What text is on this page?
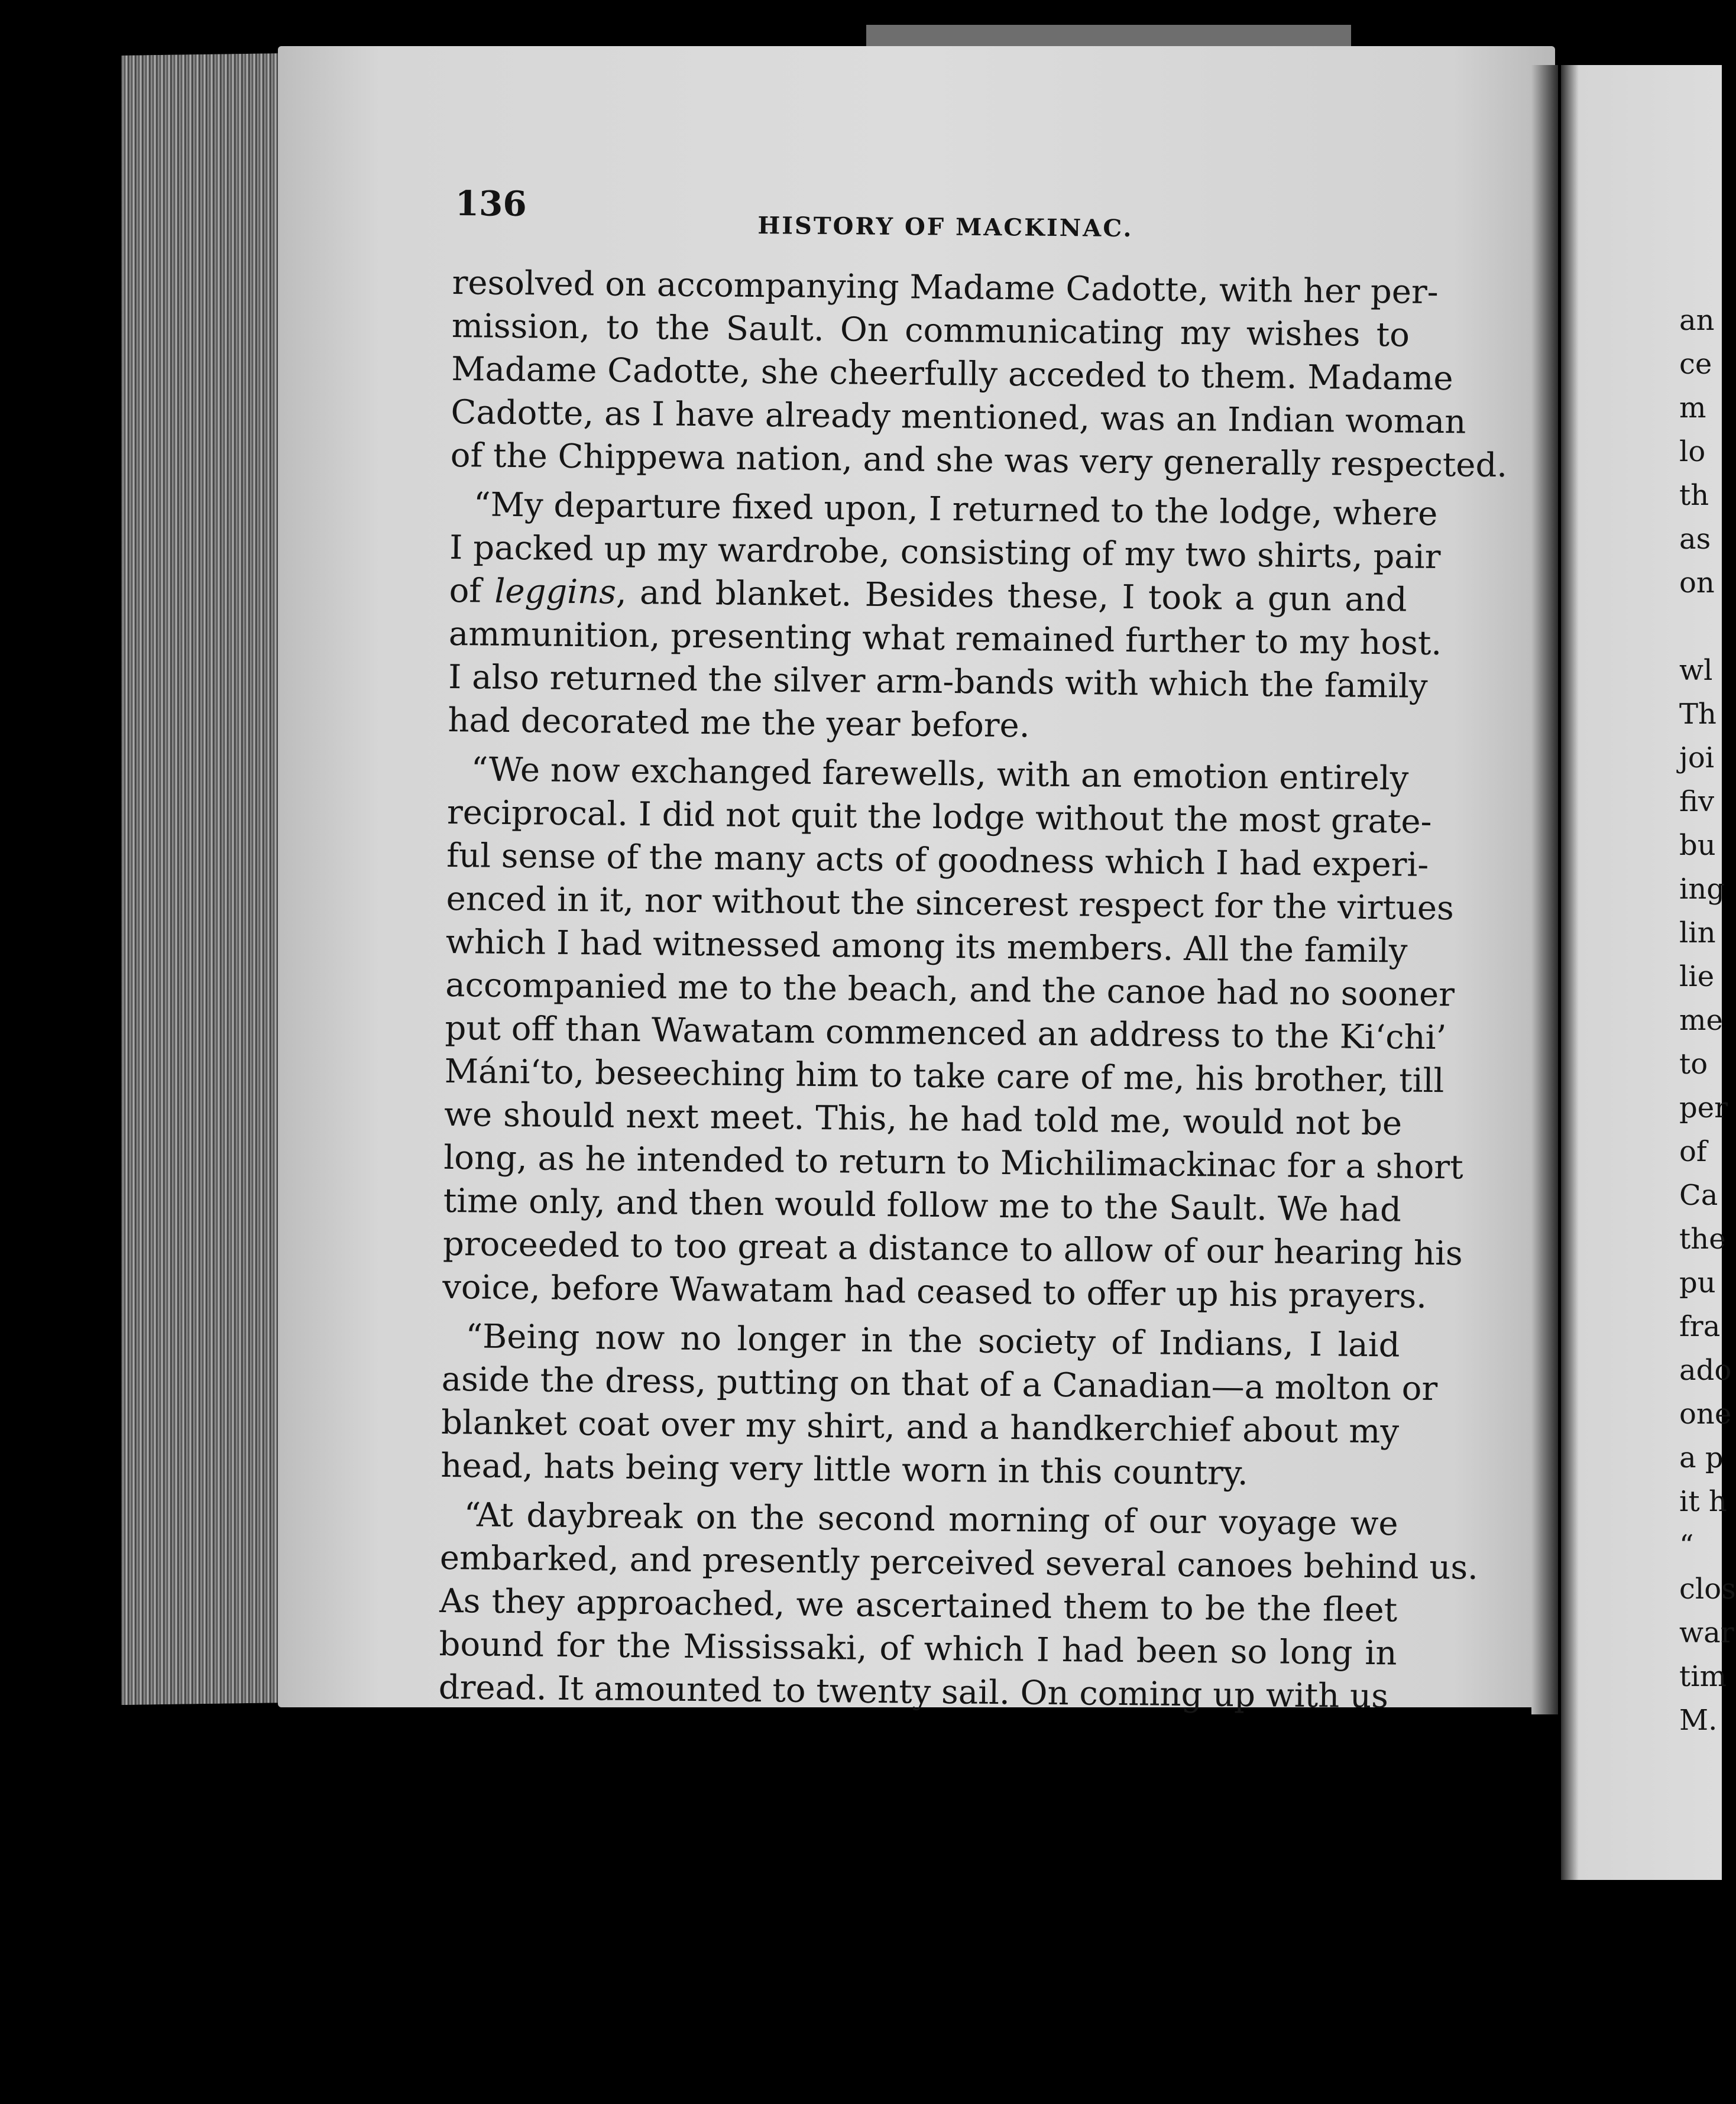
an
ce
m
lo
th
as
on
wl
Th
joi
fiv
bu
ing
lin
lie
me
to
per
of
Ca
the
pu
fra
ado
one
a p
it h
“
clos
war
tim
M.
136
HISTORY OF MACKINAC.
resolved on accompanying Madame Cadotte, with her per-
mission, to the Sault. On communicating my wishes to
Madame Cadotte, she cheerfully acceded to them. Madame
Cadotte, as I have already mentioned, was an Indian woman
of the Chippewa nation, and she was very generally respected.
“My departure fixed upon, I returned to the lodge, where
I packed up my wardrobe, consisting of my two shirts, pair
of leggins, and blanket. Besides these, I took a gun and
ammunition, presenting what remained further to my host.
I also returned the silver arm-bands with which the family
had decorated me the year before.
“We now exchanged farewells, with an emotion entirely
reciprocal. I did not quit the lodge without the most grate-
ful sense of the many acts of goodness which I had experi-
enced in it, nor without the sincerest respect for the virtues
which I had witnessed among its members. All the family
accompanied me to the beach, and the canoe had no sooner
put off than Wawatam commenced an address to the Ki‘chi’
Máni‘to, beseeching him to take care of me, his brother, till
we should next meet. This, he had told me, would not be
long, as he intended to return to Michilimackinac for a short
time only, and then would follow me to the Sault. We had
proceeded to too great a distance to allow of our hearing his
voice, before Wawatam had ceased to offer up his prayers.
“Being now no longer in the society of Indians, I laid
aside the dress, putting on that of a Canadian—a molton or
blanket coat over my shirt, and a handkerchief about my
head, hats being very little worn in this country.
“At daybreak on the second morning of our voyage we
embarked, and presently perceived several canoes behind us.
As they approached, we ascertained them to be the fleet
bound for the Mississaki, of which I had been so long in
dread. It amounted to twenty sail. On coming up with us
